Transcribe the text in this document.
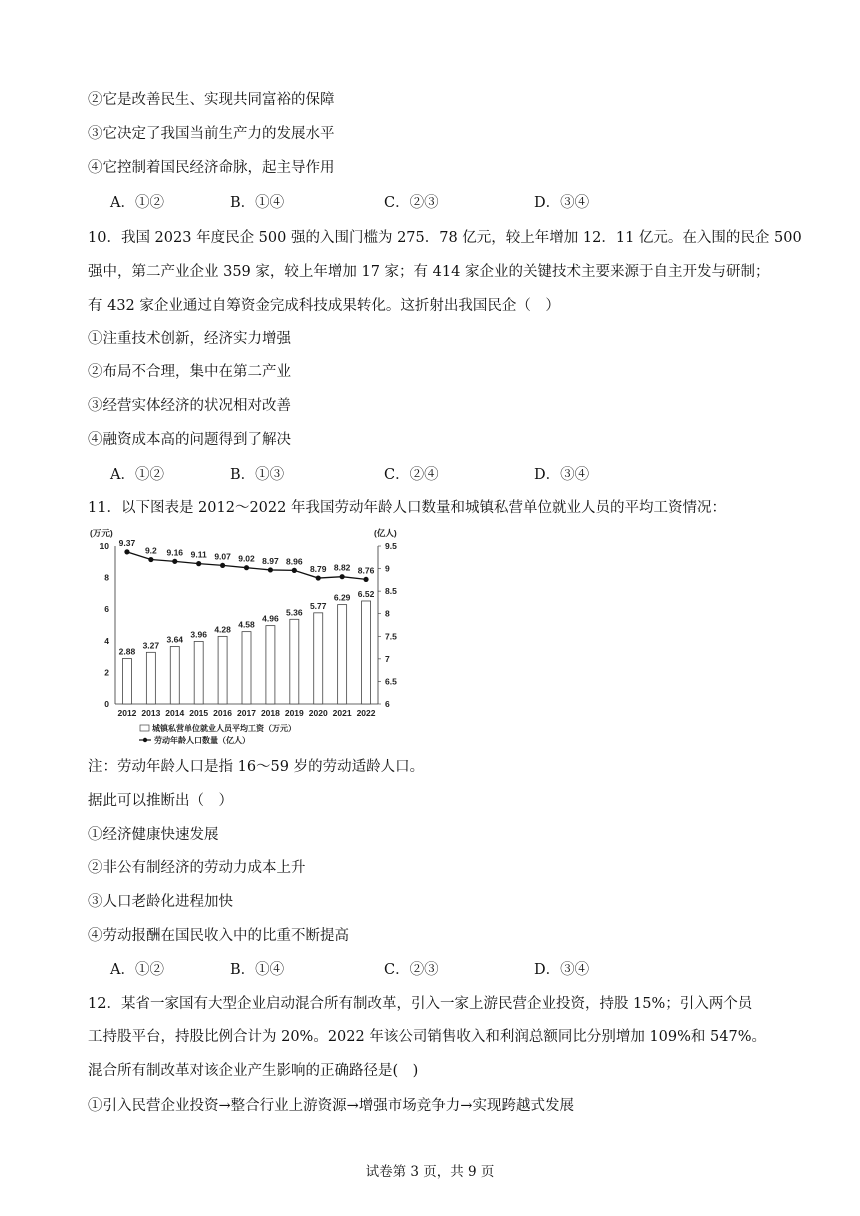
②它是改善民生、实现共同富裕的保障
③它决定了我国当前生产力的发展水平
④它控制着国民经济命脉，起主导作用
A．①②	B．①④	C．②③	D．③④
10．我国 2023 年度民企 500 强的入围门槛为 275．78 亿元，较上年增加 12．11 亿元。在入围的民企 500
强中，第二产业企业 359 家，较上年增加 17 家；有 414 家企业的关键技术主要来源于自主开发与研制；
有 432 家企业通过自筹资金完成科技成果转化。这折射出我国民企（　）
①注重技术创新，经济实力增强
②布局不合理，集中在第二产业
③经营实体经济的状况相对改善
④融资成本高的问题得到了解决
A．①②	B．①③	C．②④	D．③④
11．以下图表是 2012～2022 年我国劳动年龄人口数量和城镇私营单位就业人员的平均工资情况：
(万元)	(亿人)
0
2
4
6
8
10
6
6.5
7
7.5
8
8.5
9
9.5
2012 2013 2014 2015 2016 2017 2018 2019 2020 2021 2022
2.88
3.27
3.64
3.96
4.28 4.58
4.96
5.36
5.77
6.29 6.52
9.37
9.2 9.16 9.11 9.07 9.02 8.97 8.96
8.79 8.82 8.76
城镇私营单位就业人员平均工资（万元）
劳动年龄人口数量（亿人）
注：劳动年龄人口是指 16～59 岁的劳动适龄人口。
据此可以推断出（　）
①经济健康快速发展
②非公有制经济的劳动力成本上升
③人口老龄化进程加快
④劳动报酬在国民收入中的比重不断提高
A．①②	B．①④	C．②③	D．③④
12．某省一家国有大型企业启动混合所有制改革，引入一家上游民营企业投资，持股 15%；引入两个员
工持股平台，持股比例合计为 20%。2022 年该公司销售收入和利润总额同比分别增加 109%和 547%。
混合所有制改革对该企业产生影响的正确路径是(　)
①引入民营企业投资→整合行业上游资源→增强市场竞争力→实现跨越式发展
试卷第 3 页，共 9 页
